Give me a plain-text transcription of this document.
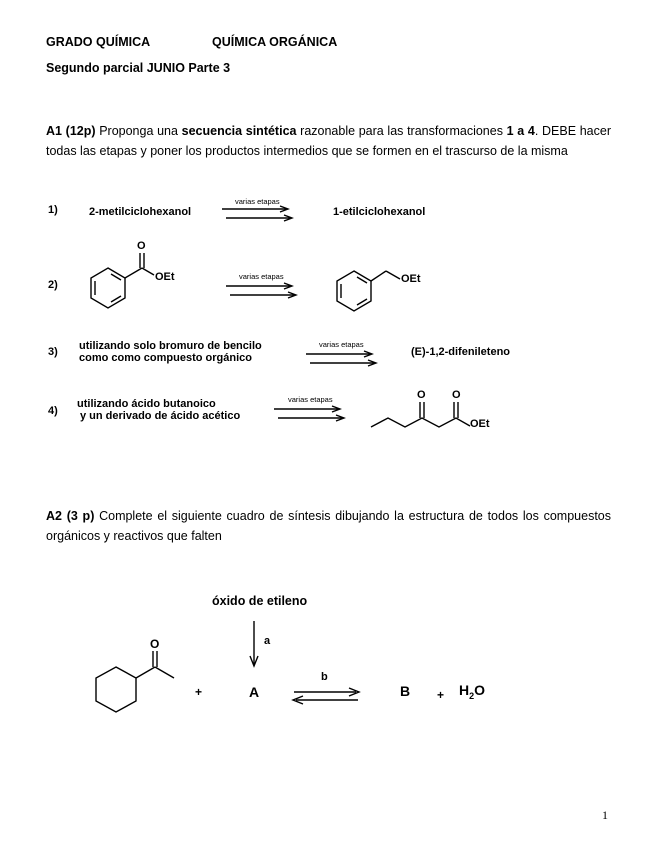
GRADO QUÍMICA	QUÍMICA ORGÁNICA
Segundo parcial JUNIO Parte 3
A1 (12p) Proponga una secuencia sintética razonable para las transformaciones 1 a 4. DEBE hacer todas las etapas y poner los productos intermedios que se formen en el trascurso de la misma
1)	2-metilciclohexanol
varias etapas
1-etilciclohexanol
2)
O
OEt	varias etapas	OEt
3) utilizando solo bromuro de bencilo
como como compuesto orgánico
varias etapas
(E)-1,2-difenileteno
4)
utilizando ácido butanoico
y un derivado de ácido acético
varias etapas	O O
OEt
A2 (3 p) Complete el siguiente cuadro de síntesis dibujando la estructura de todos los compuestos orgánicos y reactivos que falten
óxido de etileno
a
O
+	A
b
$B + H_2O$
1
